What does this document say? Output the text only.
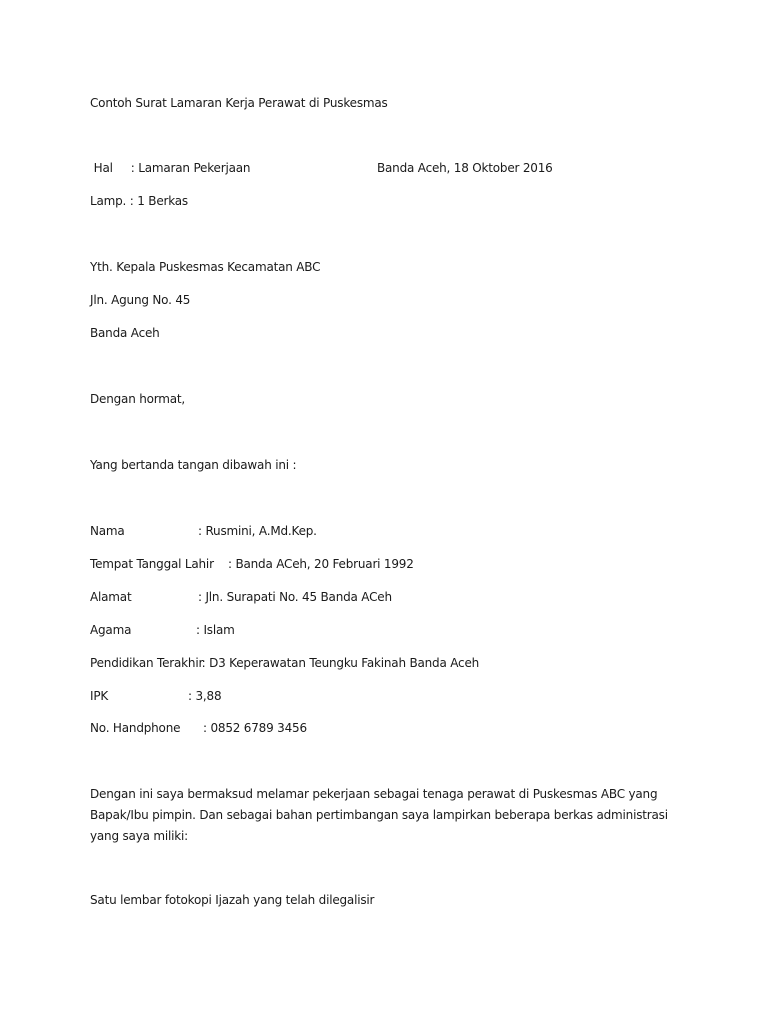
Contoh Surat Lamaran Kerja Perawat di Puskesmas
Hal     : Lamaran Pekerjaan	Banda Aceh, 18 Oktober 2016
Lamp. : 1 Berkas
Yth. Kepala Puskesmas Kecamatan ABC
Jln. Agung No. 45
Banda Aceh
Dengan hormat,
Yang bertanda tangan dibawah ini :
Nama	: Rusmini, A.Md.Kep.
Tempat Tanggal Lahir : Banda ACeh, 20 Februari 1992
Alamat	: Jln. Surapati No. 45 Banda ACeh
Agama	: Islam
Pendidikan Terakhir
: D3 Keperawatan Teungku Fakinah Banda Aceh
IPK	: 3,88
No. Handphone : 0852 6789 3456
Dengan ini saya bermaksud melamar pekerjaan sebagai tenaga perawat di Puskesmas ABC yang Bapak/Ibu pimpin. Dan sebagai bahan pertimbangan saya lampirkan beberapa berkas administrasi yang saya miliki:
Satu lembar fotokopi Ijazah yang telah dilegalisir
